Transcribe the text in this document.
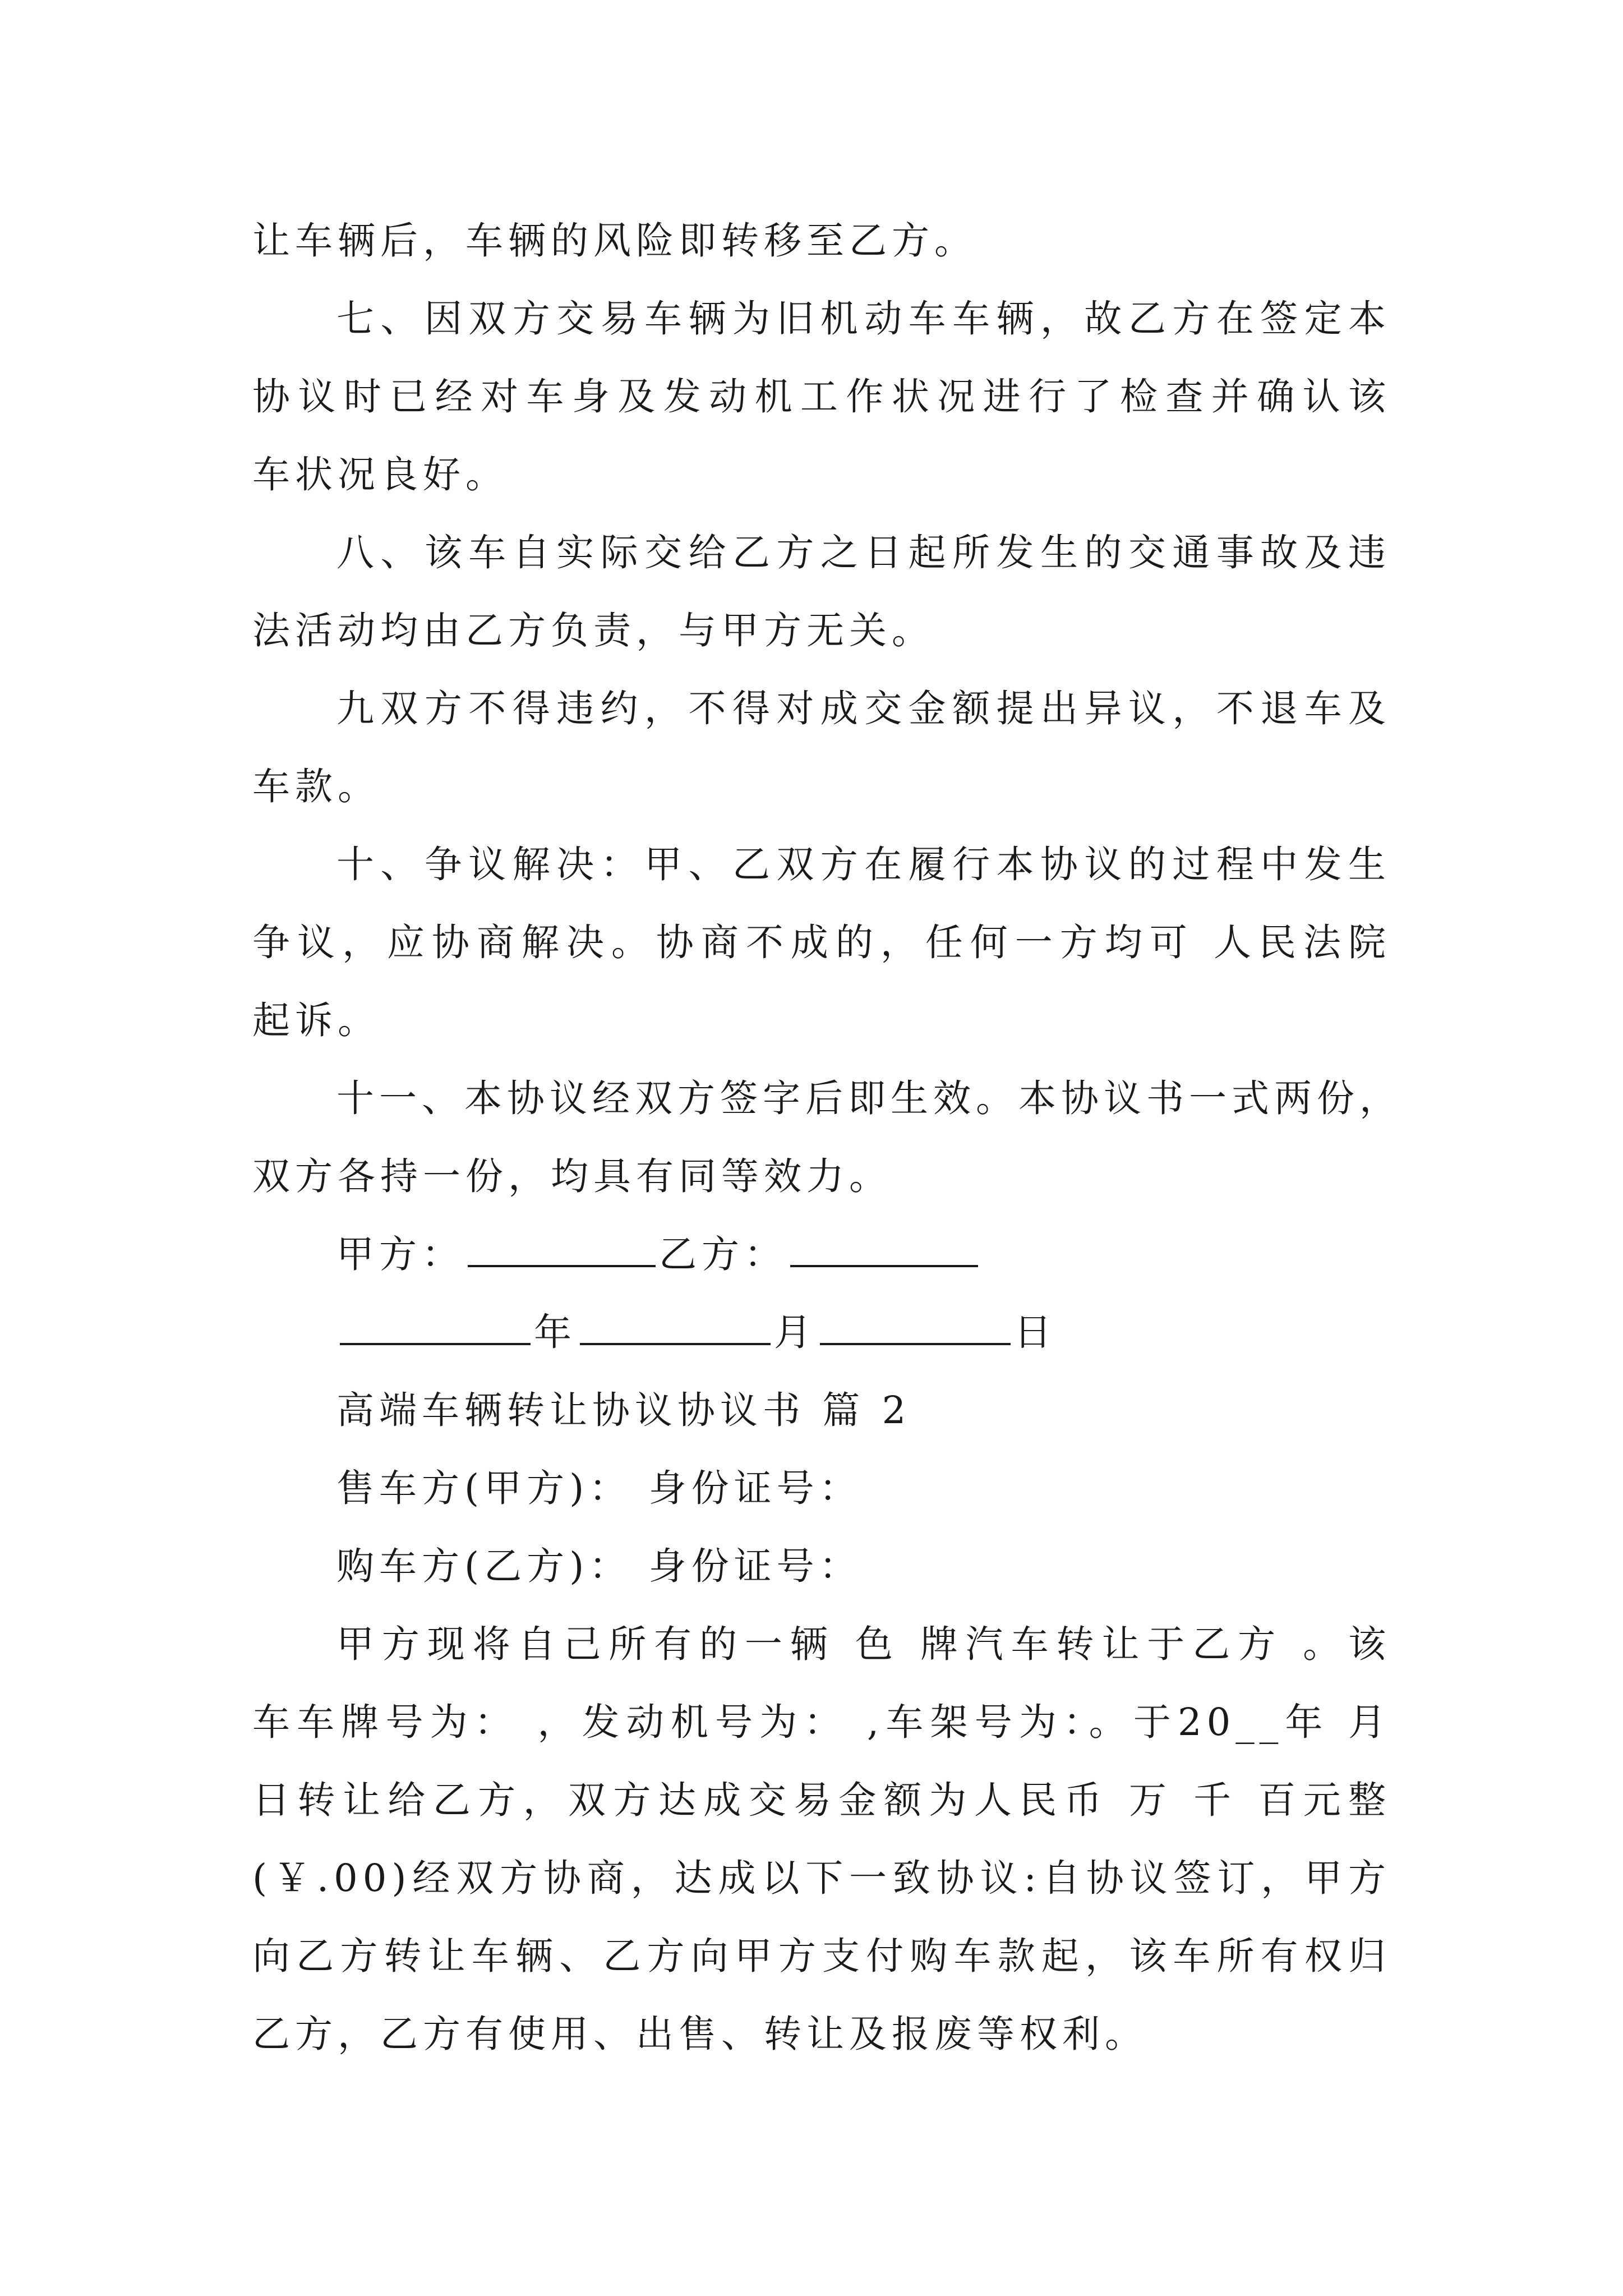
让车辆后，车辆的风险即转移至乙方。
七、因双方交易车辆为旧机动车车辆，故乙方在签定本
协议时已经对车身及发动机工作状况进行了检查并确认该
车状况良好。
八、该车自实际交给乙方之日起所发生的交通事故及违
法活动均由乙方负责，与甲方无关。
九双方不得违约，不得对成交金额提出异议，不退车及
车款。
十、争议解决：甲、乙双方在履行本协议的过程中发生
争议，应协商解决。协商不成的，任何一方均可 人民法院
起诉。
十一、本协议经双方签字后即生效。本协议书一式两份，
双方各持一份，均具有同等效力。
甲方：	乙方：
年	月	日
高端车辆转让协议协议书 篇 2
售车方(甲方)： 身份证号：
购车方(乙方)： 身份证号：
甲方现将自己所有的一辆 色 牌汽车转让于乙方 。该
车车牌号为： ，发动机号为： ,车架号为：。于20__年 月
日转让给乙方，双方达成交易金额为人民币 万 千 百元整
(￥.00)经双方协商，达成以下一致协议:自协议签订，甲方
向乙方转让车辆、乙方向甲方支付购车款起，该车所有权归
乙方，乙方有使用、出售、转让及报废等权利。
